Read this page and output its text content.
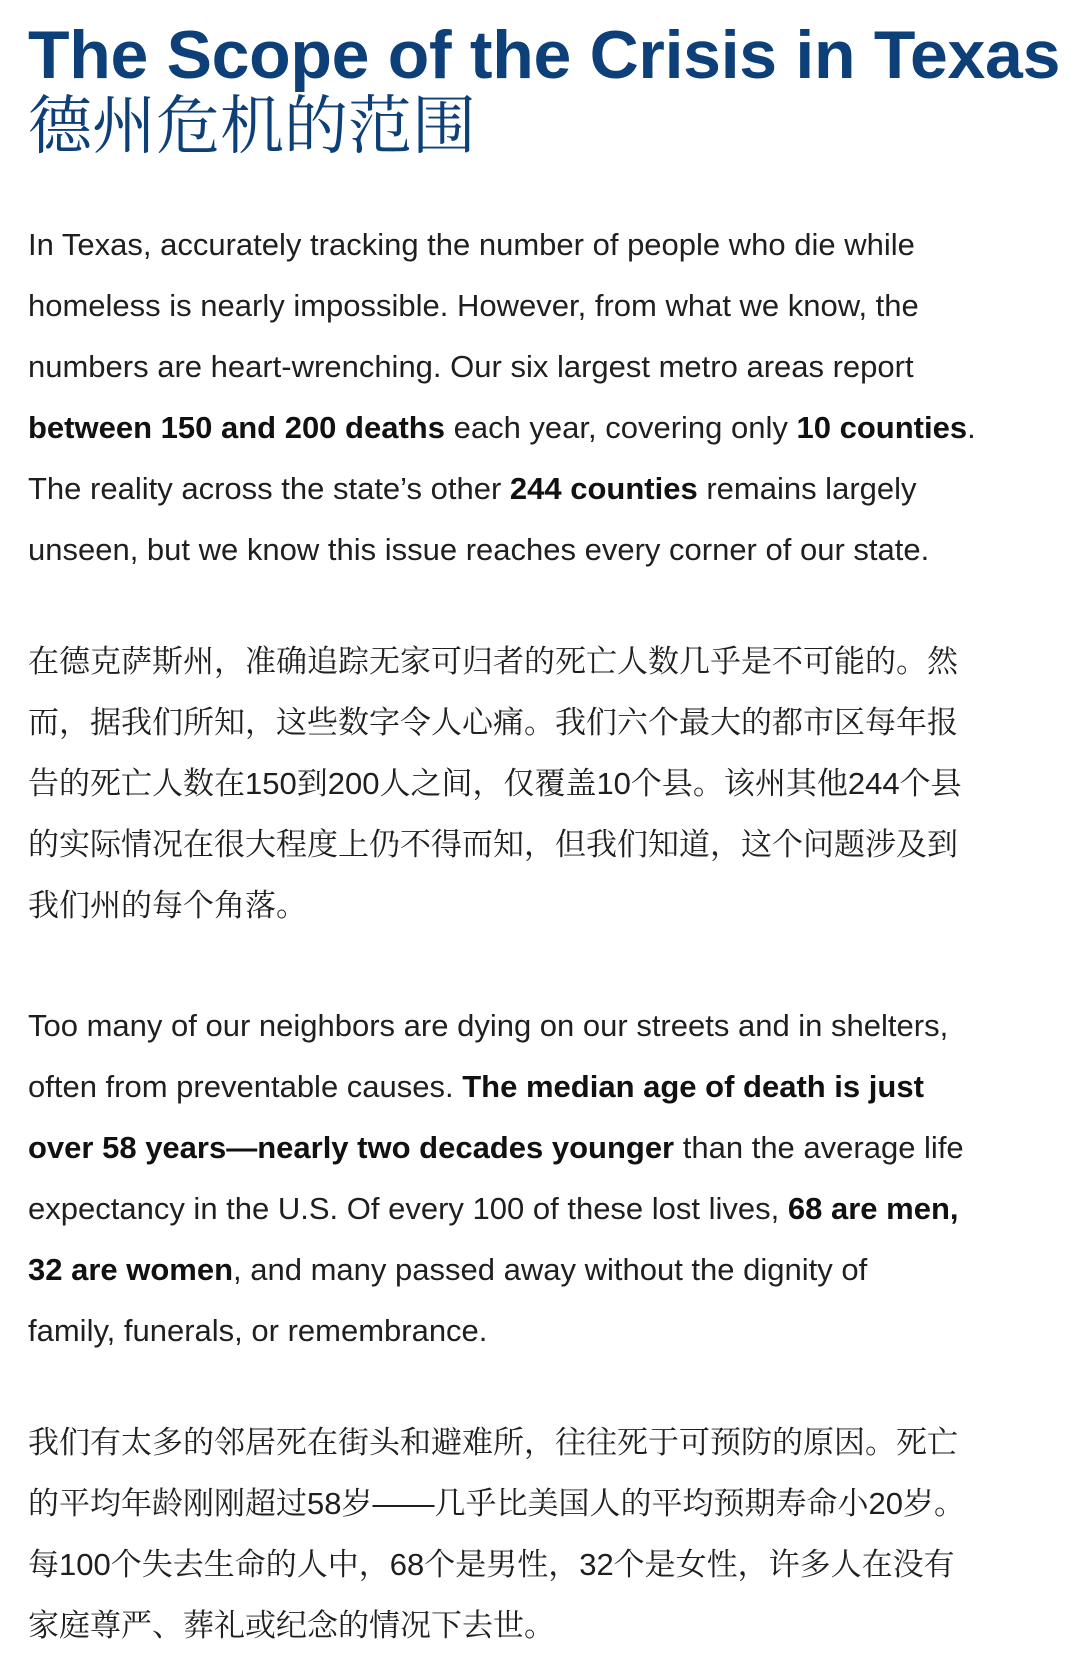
The Scope of the Crisis in Texas
德州危机的范围
In Texas, accurately tracking the number of people who die while
homeless is nearly impossible. However, from what we know, the
numbers are heart-wrenching. Our six largest metro areas report
between 150 and 200 deaths each year, covering only 10 counties.
The reality across the state’s other 244 counties remains largely
unseen, but we know this issue reaches every corner of our state.
在德克萨斯州，准确追踪无家可归者的死亡人数几乎是不可能的。然
而，据我们所知，这些数字令人心痛。我们六个最大的都市区每年报
告的死亡人数在150到200人之间，仅覆盖10个县。该州其他244个县
的实际情况在很大程度上仍不得而知，但我们知道，这个问题涉及到
我们州的每个角落。
Too many of our neighbors are dying on our streets and in shelters,
often from preventable causes. The median age of death is just
over 58 years—nearly two decades younger than the average life
expectancy in the U.S. Of every 100 of these lost lives, 68 are men,
32 are women, and many passed away without the dignity of
family, funerals, or remembrance.
我们有太多的邻居死在街头和避难所，往往死于可预防的原因。死亡
的平均年龄刚刚超过58岁——几乎比美国人的平均预期寿命小20岁。
每100个失去生命的人中，68个是男性，32个是女性，许多人在没有
家庭尊严、葬礼或纪念的情况下去世。
